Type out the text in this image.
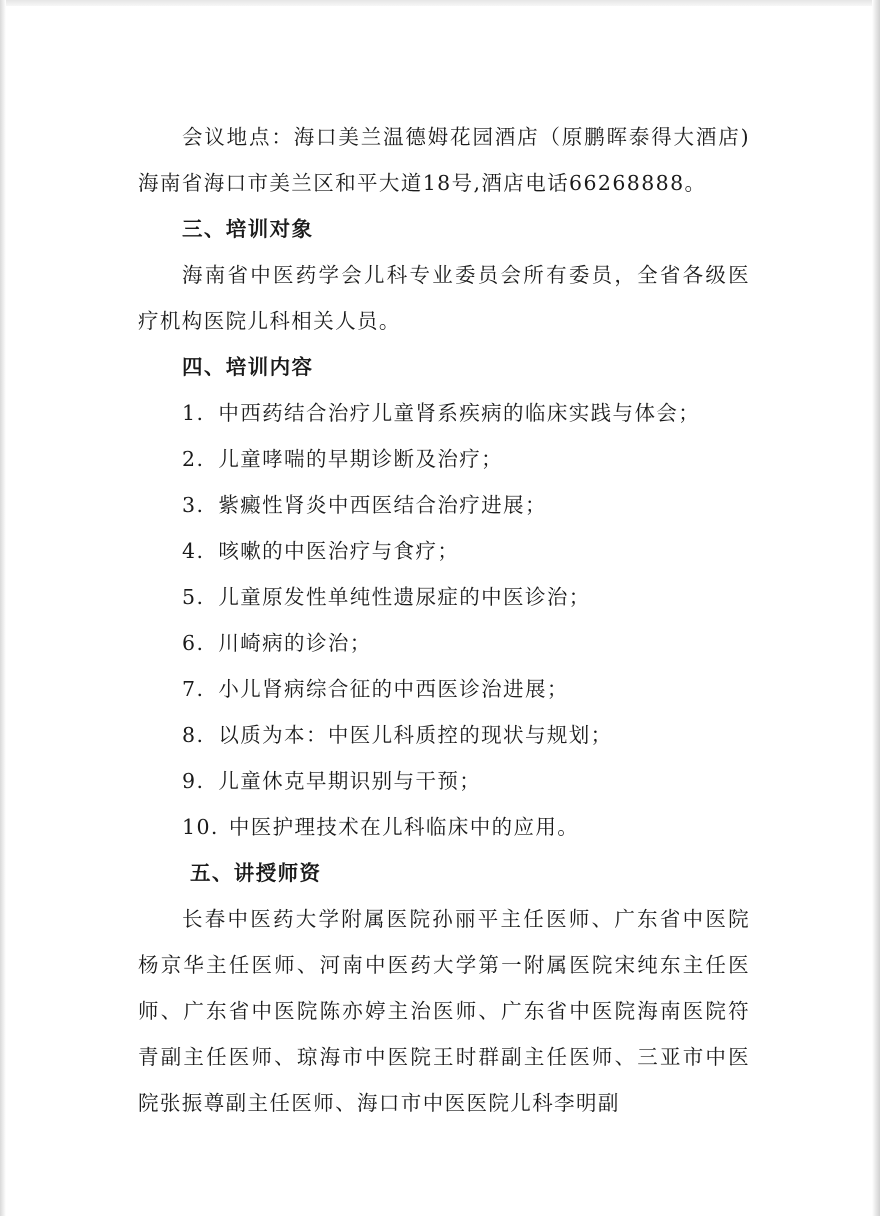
会议地点：海口美兰温德姆花园酒店（原鹏晖泰得大酒店)海南省海口市美兰区和平大道18号,酒店电话66268888。

三、培训对象

海南省中医药学会儿科专业委员会所有委员，全省各级医疗机构医院儿科相关人员。

四、培训内容

1. 中西药结合治疗儿童肾系疾病的临床实践与体会；
2. 儿童哮喘的早期诊断及治疗；
3. 紫癜性肾炎中西医结合治疗进展；
4. 咳嗽的中医治疗与食疗；
5. 儿童原发性单纯性遗尿症的中医诊治；
6. 川崎病的诊治；
7. 小儿肾病综合征的中西医诊治进展；
8. 以质为本：中医儿科质控的现状与规划；
9. 儿童休克早期识别与干预；
10. 中医护理技术在儿科临床中的应用。

五、讲授师资

长春中医药大学附属医院孙丽平主任医师、广东省中医院杨京华主任医师、河南中医药大学第一附属医院宋纯东主任医师、广东省中医院陈亦婷主治医师、广东省中医院海南医院符青副主任医师、琼海市中医院王时群副主任医师、三亚市中医院张振尊副主任医师、海口市中医医院儿科李明副
